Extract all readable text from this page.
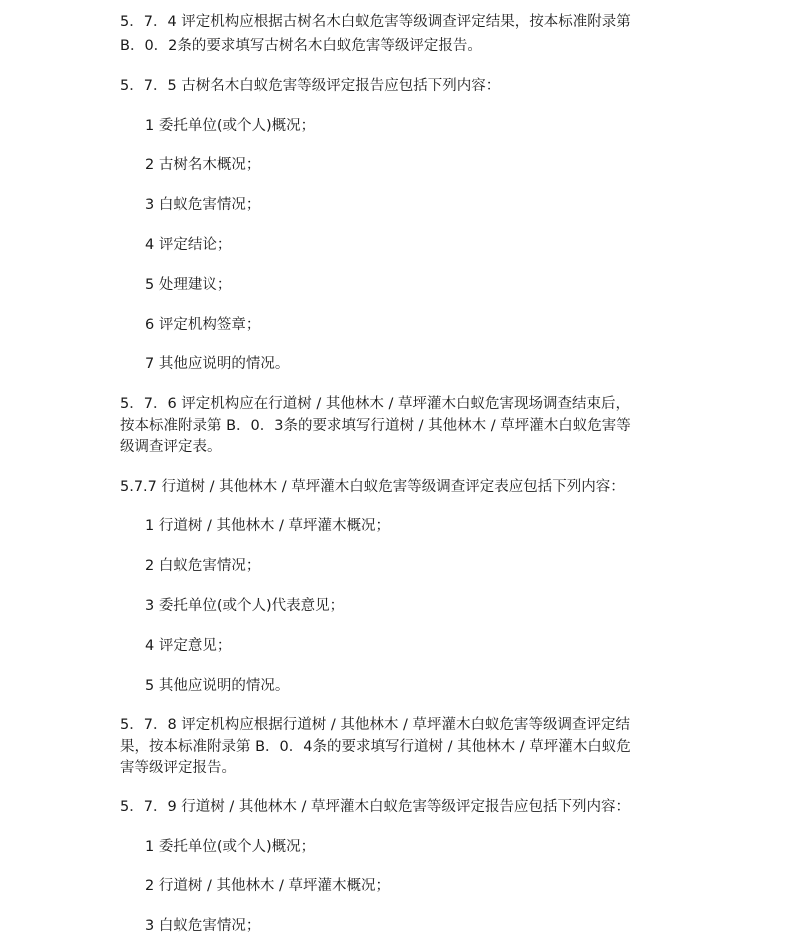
5．7．4 评定机构应根据古树名木白蚁危害等级调查评定结果，按本标准附录第

B．0．2条的要求填写古树名木白蚁危害等级评定报告。

5．7．5 古树名木白蚁危害等级评定报告应包括下列内容：

1 委托单位(或个人)概况；

2 古树名木概况；

3 白蚁危害情况；

4 评定结论；

5 处理建议；

6 评定机构签章；

7 其他应说明的情况。

5．7．6 评定机构应在行道树 / 其他林木 / 草坪灌木白蚁危害现场调查结束后，

按本标准附录第 B．0．3条的要求填写行道树 / 其他林木 / 草坪灌木白蚁危害等

级调查评定表。

5.7.7 行道树 / 其他林木 / 草坪灌木白蚁危害等级调查评定表应包括下列内容：

1 行道树 / 其他林木 / 草坪灌木概况；

2 白蚁危害情况；

3 委托单位(或个人)代表意见；

4 评定意见；

5 其他应说明的情况。

5．7．8 评定机构应根据行道树 / 其他林木 / 草坪灌木白蚁危害等级调查评定结

果，按本标准附录第 B．0．4条的要求填写行道树 / 其他林木 / 草坪灌木白蚁危

害等级评定报告。

5．7．9 行道树 / 其他林木 / 草坪灌木白蚁危害等级评定报告应包括下列内容：

1 委托单位(或个人)概况；

2 行道树 / 其他林木 / 草坪灌木概况；

3 白蚁危害情况；
